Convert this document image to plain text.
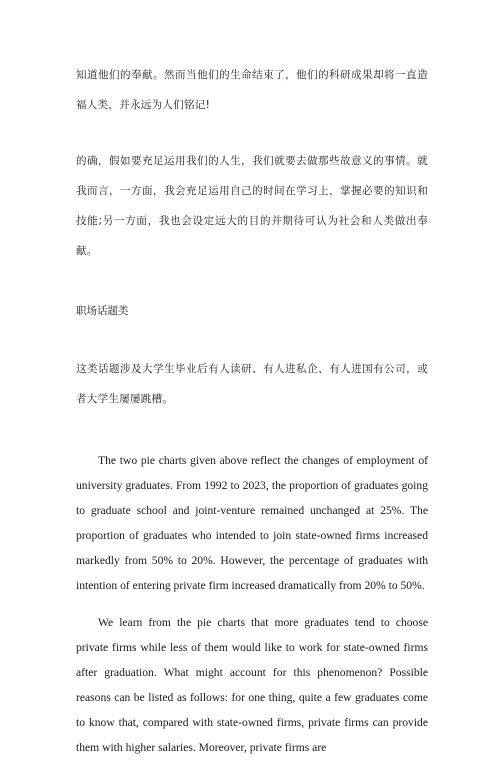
知道他们的奉献。然而当他们的生命结束了，他们的科研成果却将一直造福人类，并永远为人们铭记!

的确，假如要充足运用我们的人生，我们就要去做那些故意义的事情。就我而言，一方面，我会充足运用自己的时间在学习上，掌握必要的知识和技能;另一方面，我也会设定远大的目的并期待可认为社会和人类做出奉献。

职场话题类

这类话题涉及大学生毕业后有人读研、有人进私企、有人进国有公司，或者大学生屡屡跳槽。

The two pie charts given above reflect the changes of employment of university graduates. From 1992 to 2023, the proportion of graduates going to graduate school and joint-venture remained unchanged at 25%. The proportion of graduates who intended to join state-owned firms increased markedly from 50% to 20%. However, the percentage of graduates with intention of entering private firm increased dramatically from 20% to 50%.

We learn from the pie charts that more graduates tend to choose private firms while less of them would like to work for state-owned firms after graduation. What might account for this phenomenon? Possible reasons can be listed as follows: for one thing, quite a few graduates come to know that, compared with state-owned firms, private firms can provide them with higher salaries. Moreover, private firms are
